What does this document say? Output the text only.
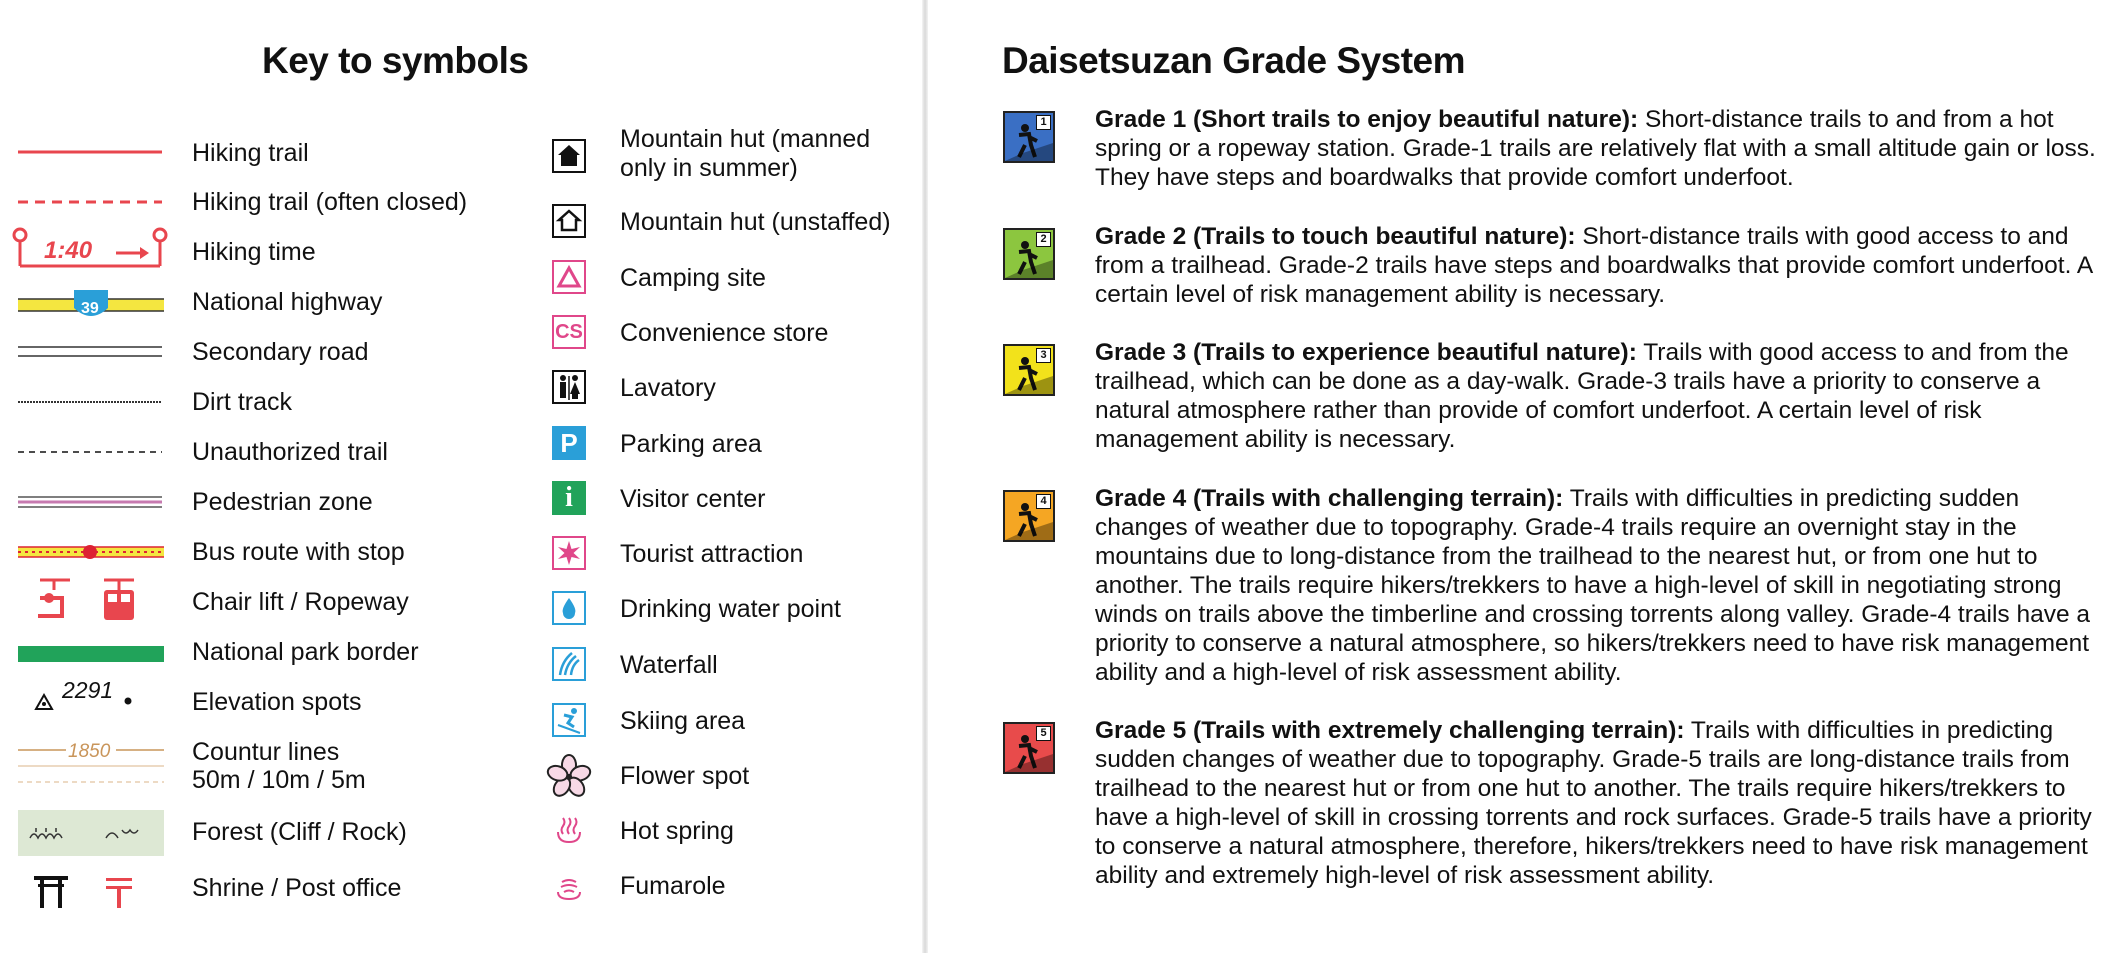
Key to symbols
Hiking trail
Hiking trail (often closed)
1:40	Hiking time
39	National highway
Secondary road
Dirt track
Unauthorized trail
Pedestrian zone
Bus route with stop
Chair lift / Ropeway
National park border
2291	Elevation spots
1850	Countur lines
50m / 10m / 5m
Forest (Cliff / Rock)
Shrine / Post office
Mountain hut (manned
only in summer)
Mountain hut (unstaffed)
Camping site
CS Convenience store
Lavatory
P	Parking area
i	Visitor center
Tourist attraction
Drinking water point
Waterfall
Skiing area
Flower spot
Hot spring
Fumarole
Daisetsuzan Grade System
1 Grade 1 (Short trails to enjoy beautiful nature): Short-distance trails to and from a hot spring or a ropeway station. Grade-1 trails are relatively flat with a small altitude gain or loss. They have steps and boardwalks that provide comfort underfoot.
2 Grade 2 (Trails to touch beautiful nature): Short-distance trails with good access to and from a trailhead. Grade-2 trails have steps and boardwalks that provide comfort underfoot. A certain level of risk management ability is necessary.
3 Grade 3 (Trails to experience beautiful nature): Trails with good access to and from the trailhead, which can be done as a day-walk. Grade-3 trails have a priority to conserve a natural atmosphere rather than provide of comfort underfoot. A certain level of risk management ability is necessary.
4 Grade 4 (Trails with challenging terrain): Trails with difficulties in predicting sudden changes of weather due to topography. Grade-4 trails require an overnight stay in the mountains due to long-distance from the trailhead to the nearest hut, or from one hut to another. The trails require hikers/trekkers to have a high-level of skill in negotiating strong winds on trails above the timberline and crossing torrents along valley. Grade-4 trails have a priority to conserve a natural atmosphere, so hikers/trekkers need to have risk management ability and a high-level of risk assessment ability.
5 Grade 5 (Trails with extremely challenging terrain): Trails with difficulties in predicting sudden changes of weather due to topography. Grade-5 trails are long-distance trails from trailhead to the nearest hut or from one hut to another. The trails require hikers/trekkers to have a high-level of skill in crossing torrents and rock surfaces. Grade-5 trails have a priority to conserve a natural atmosphere, therefore, hikers/trekkers need to have risk management ability and extremely high-level of risk assessment ability.
